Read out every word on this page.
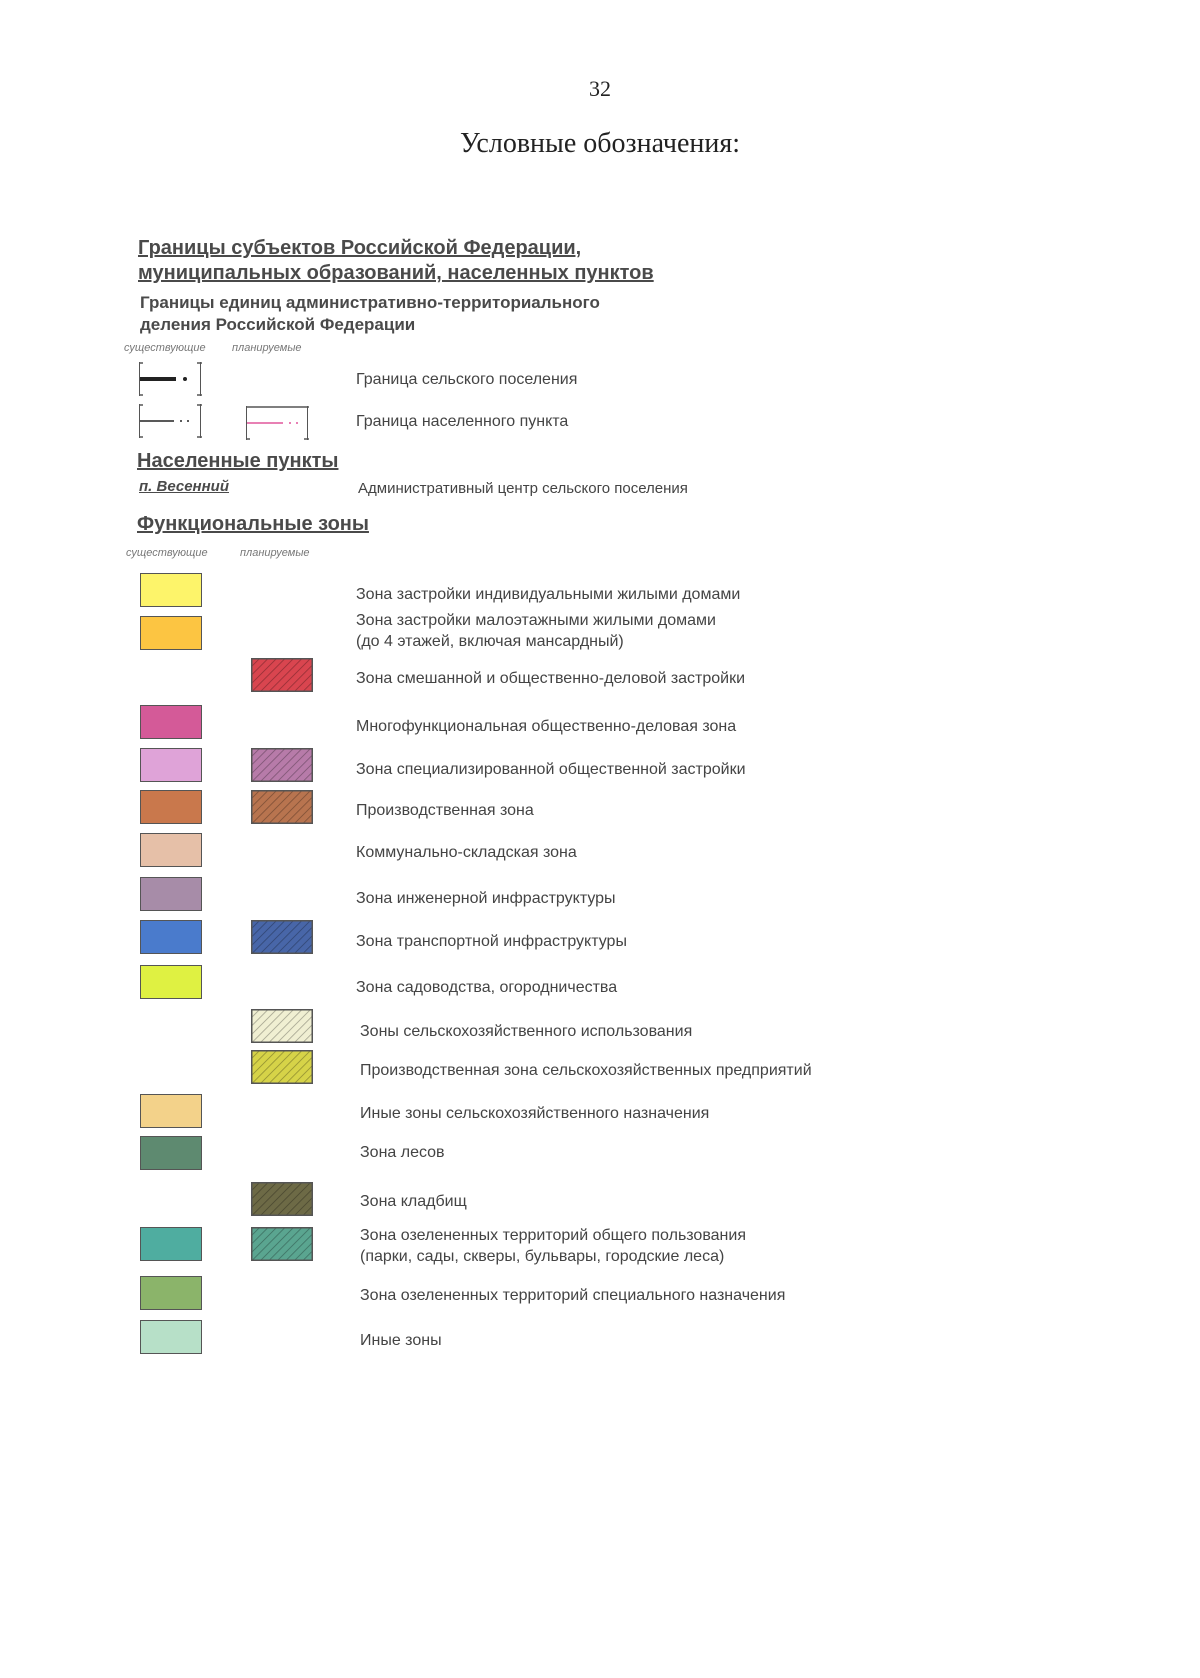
32
Условные обозначения:
Границы субъектов Российской Федерации,
муниципальных образований, населенных пунктов
Границы единиц административно-территориального
деления Российской Федерации
существующие планируемые
Граница сельского поселения
Граница населенного пункта
Населенные пункты
п. Весенний	Административный центр сельского поселения
Функциональные зоны
существующие	планируемые
Зона застройки индивидуальными жилыми домами
Зона застройки малоэтажными жилыми домами
(до 4 этажей, включая мансардный)
Зона смешанной и общественно-деловой застройки
Многофункциональная общественно-деловая зона
Зона специализированной общественной застройки
Производственная зона
Коммунально-складская зона
Зона инженерной инфраструктуры
Зона транспортной инфраструктуры
Зона садоводства, огородничества
Зоны сельскохозяйственного использования
Производственная зона сельскохозяйственных предприятий
Иные зоны сельскохозяйственного назначения
Зона лесов
Зона кладбищ
Зона озелененных территорий общего пользования
(парки, сады, скверы, бульвары, городские леса)
Зона озелененных территорий специального назначения
Иные зоны
